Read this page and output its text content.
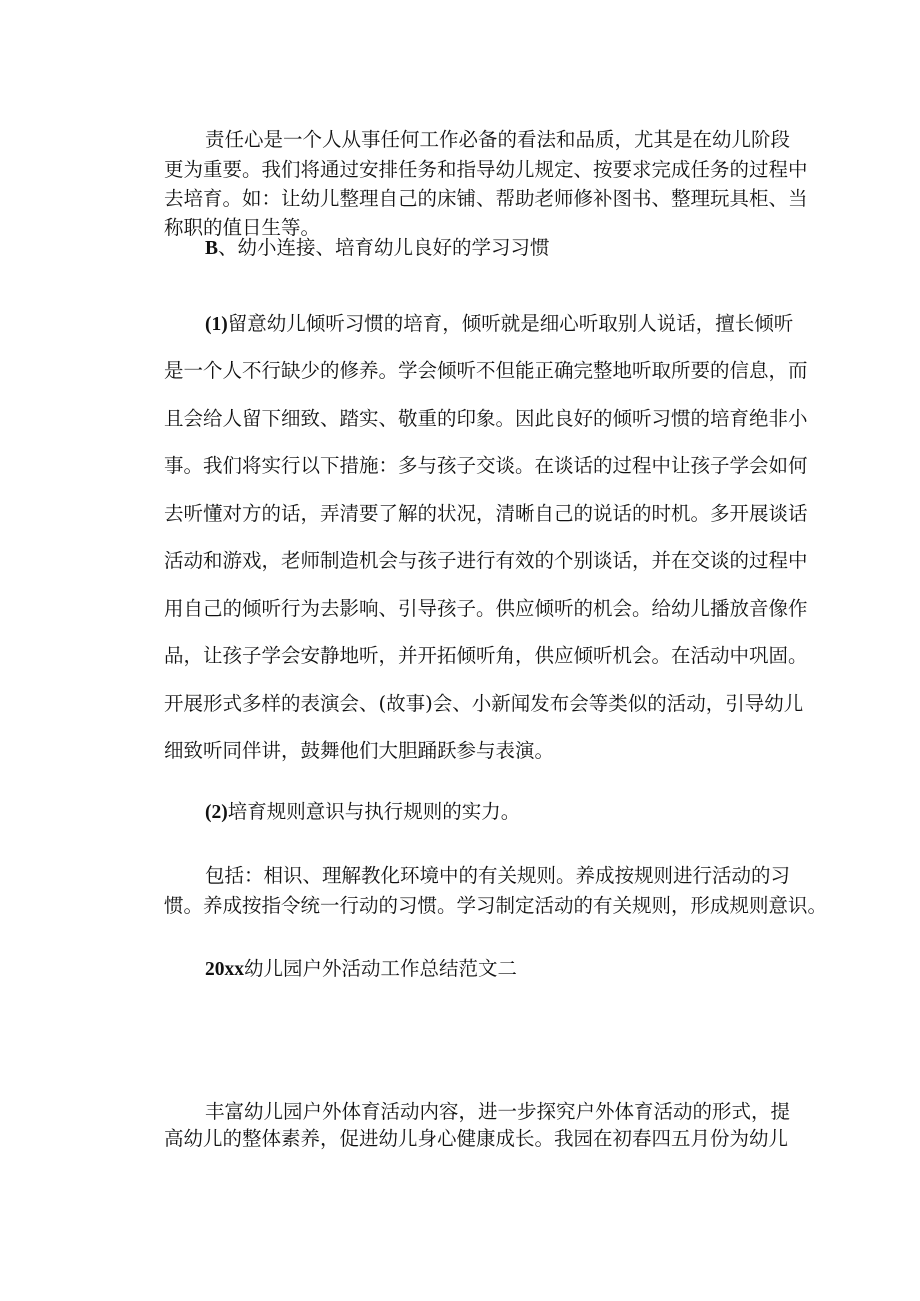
责任心是一个人从事任何工作必备的看法和品质，尤其是在幼儿阶段
更为重要。我们将通过安排任务和指导幼儿规定、按要求完成任务的过程中
去培育。如：让幼儿整理自己的床铺、帮助老师修补图书、整理玩具柜、当
称职的值日生等。
B、幼小连接、培育幼儿良好的学习习惯
(1)留意幼儿倾听习惯的培育，倾听就是细心听取别人说话，擅长倾听
是一个人不行缺少的修养。学会倾听不但能正确完整地听取所要的信息，而
且会给人留下细致、踏实、敬重的印象。因此良好的倾听习惯的培育绝非小
事。我们将实行以下措施：多与孩子交谈。在谈话的过程中让孩子学会如何
去听懂对方的话，弄清要了解的状况，清晰自己的说话的时机。多开展谈话
活动和游戏，老师制造机会与孩子进行有效的个别谈话，并在交谈的过程中
用自己的倾听行为去影响、引导孩子。供应倾听的机会。给幼儿播放音像作
品，让孩子学会安静地听，并开拓倾听角，供应倾听机会。在活动中巩固。
开展形式多样的表演会、(故事)会、小新闻发布会等类似的活动，引导幼儿
细致听同伴讲，鼓舞他们大胆踊跃参与表演。
(2)培育规则意识与执行规则的实力。
包括：相识、理解教化环境中的有关规则。养成按规则进行活动的习
惯。养成按指令统一行动的习惯。学习制定活动的有关规则，形成规则意识。
20xx幼儿园户外活动工作总结范文二
丰富幼儿园户外体育活动内容，进一步探究户外体育活动的形式，提
高幼儿的整体素养，促进幼儿身心健康成长。我园在初春四五月份为幼儿
